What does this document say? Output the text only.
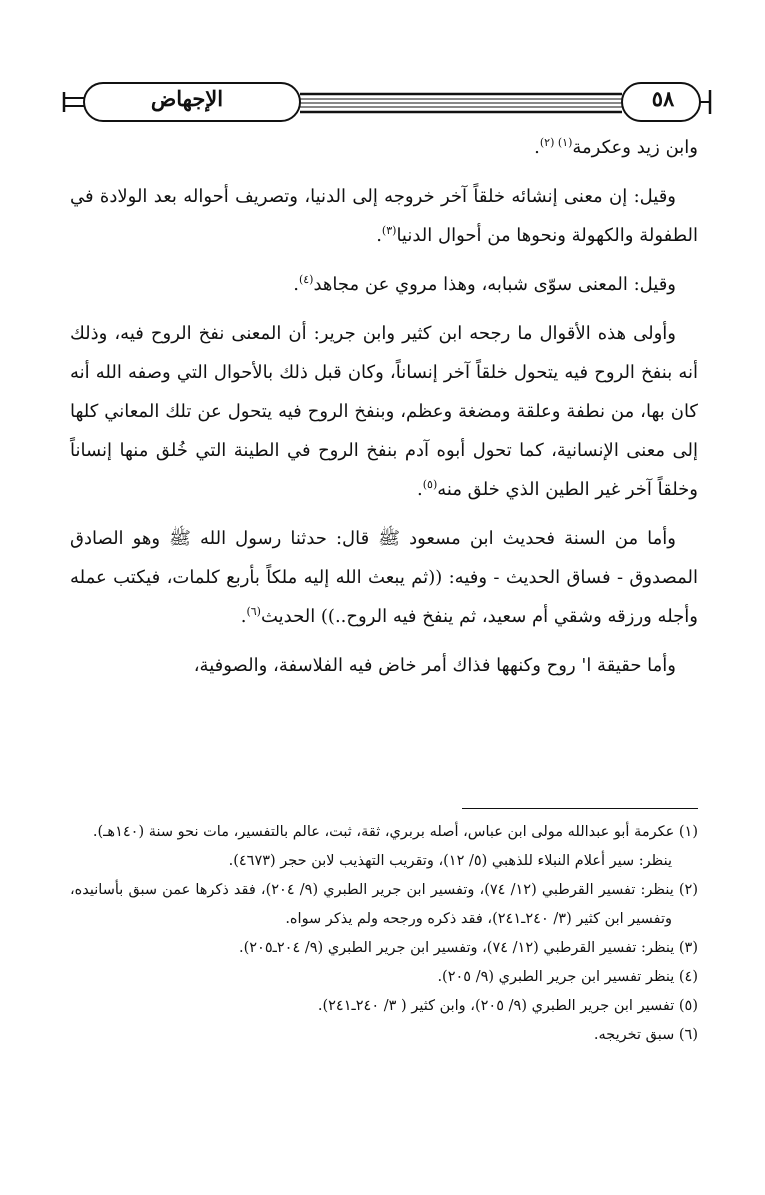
٥٨
الإجهاض

وابن زيد وعكرمة$^{(١) (٢)}$.

وقيل: إن معنى إنشائه خلقاً آخر خروجه إلى الدنيا، وتصريف أحواله بعد الولادة في الطفولة والكهولة ونحوها من أحوال الدنيا$^{(٣)}$.

وقيل: المعنى سوّى شبابه، وهذا مروي عن مجاهد$^{(٤)}$.

وأولى هذه الأقوال ما رجحه ابن كثير وابن جرير: أن المعنى نفخ الروح فيه، وذلك أنه بنفخ الروح فيه يتحول خلقاً آخر إنساناً، وكان قبل ذلك بالأحوال التي وصفه الله أنه كان بها، من نطفة وعلقة ومضغة وعظم، وبنفخ الروح فيه يتحول عن تلك المعاني كلها إلى معنى الإنسانية، كما تحول أبوه آدم بنفخ الروح في الطينة التي خُلق منها إنساناً وخلقاً آخر غير الطين الذي خلق منه$^{(٥)}$.

وأما من السنة فحديث ابن مسعود ﷺ قال: حدثنا رسول الله ﷺ وهو الصادق المصدوق - فساق الحديث - وفيه: ((ثم يبعث الله إليه ملكاً بأربع كلمات، فيكتب عمله وأجله ورزقه وشقي أم سعيد، ثم ينفخ فيه الروح..)) الحديث$^{(٦)}$.

وأما حقيقة ا' روح وكنهها فذاك أمر خاض فيه الفلاسفة، والصوفية،

(١) عكرمة أبو عبدالله مولى ابن عباس، أصله بربري، ثقة، ثبت، عالم بالتفسير، مات نحو سنة (١٤٠هـ).

ينظر: سير أعلام النبلاء للذهبي (٥/ ١٢)، وتقريب التهذيب لابن حجر (٤٦٧٣).

(٢) ينظر: تفسير القرطبي (١٢/ ٧٤)، وتفسير ابن جرير الطبري (٩/ ٢٠٤)، فقد ذكرها عمن سبق بأسانيده، وتفسير ابن كثير (٣/ ٢٤٠ـ٢٤١)، فقد ذكره ورجحه ولم يذكر سواه.

(٣) ينظر: تفسير القرطبي (١٢/ ٧٤)، وتفسير ابن جرير الطبري (٩/ ٢٠٤ـ٢٠٥).

(٤) ينظر تفسير ابن جرير الطبري (٩/ ٢٠٥).

(٥) تفسير ابن جرير الطبري (٩/ ٢٠٥)، وابن كثير ( ٣/ ٢٤٠ـ٢٤١).

(٦) سبق تخريجه.
